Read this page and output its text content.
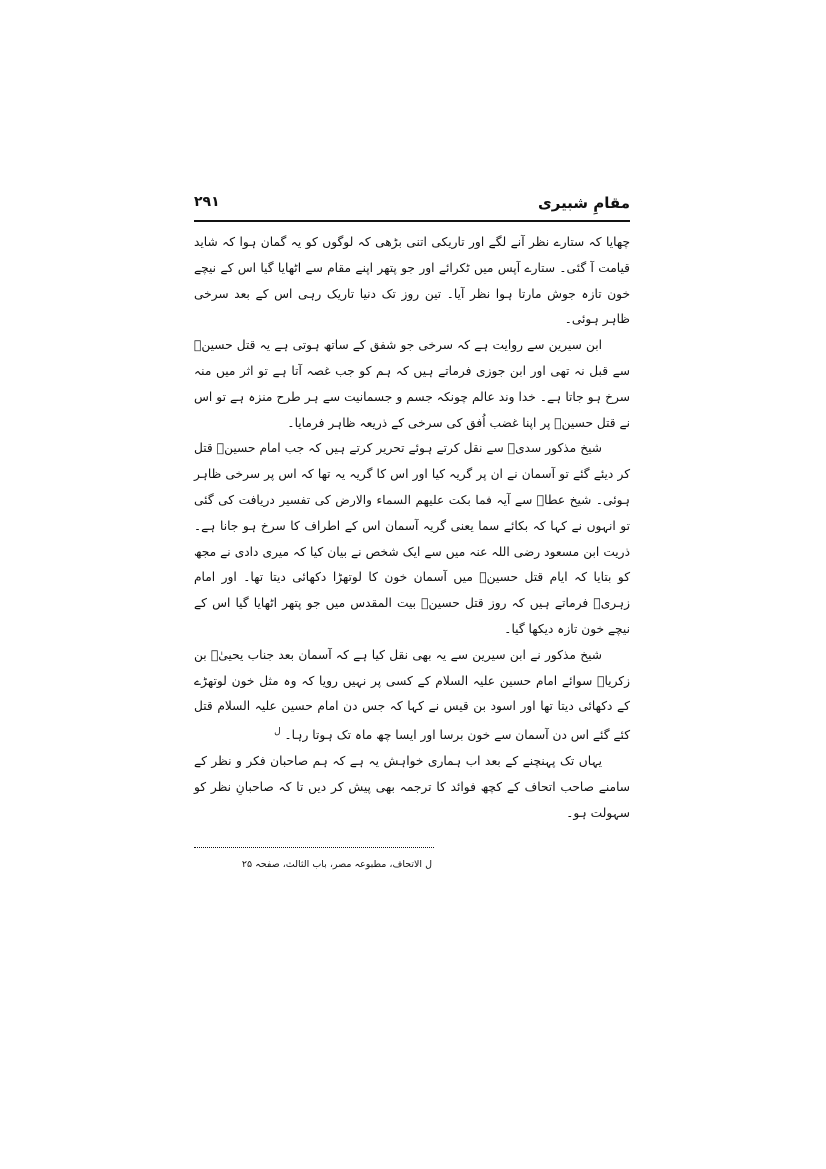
مقامِ شبیری
۲۹۱

چھایا کہ ستارے نظر آنے لگے اور تاریکی اتنی بڑھی کہ لوگوں کو یہ گمان ہوا کہ شاید قیامت آ گئی۔ ستارے آپس میں ٹکرائے اور جو پتھر اپنے مقام سے اٹھایا گیا اس کے نیچے خون تازہ جوش مارتا ہوا نظر آیا۔ تین روز تک دنیا تاریک رہی اس کے بعد سرخی ظاہر ہوئی۔

ابن سیرین سے روایت ہے کہ سرخی جو شفق کے ساتھ ہوتی ہے یہ قتل حسینؓ سے قبل نہ تھی اور ابن جوزی فرماتے ہیں کہ ہم کو جب غصہ آتا ہے تو اثر میں منہ سرخ ہو جاتا ہے۔ خدا وند عالم چونکہ جسم و جسمانیت سے ہر طرح منزہ ہے تو اس نے قتل حسینؓ پر اپنا غضب اُفق کی سرخی کے ذریعہ ظاہر فرمایا۔

شیخ مذکور سدیؔ سے نقل کرتے ہوئے تحریر کرتے ہیں کہ جب امام حسینؓ قتل کر دیئے گئے تو آسمان نے ان پر گریہ کیا اور اس کا گریہ یہ تھا کہ اس پر سرخی ظاہر ہوئی۔ شیخ عطاؔ سے آیہ فما بکت علیھم السماء والارض کی تفسیر دریافت کی گئی تو انہوں نے کہا کہ بکائے سما یعنی گریہ آسمان اس کے اطراف کا سرخ ہو جانا ہے۔ ذریت ابن مسعود رضی اللہ عنہ میں سے ایک شخص نے بیان کیا کہ میری دادی نے مجھ کو بتایا کہ ایام قتل حسینؓ میں آسمان خون کا لوتھڑا دکھائی دیتا تھا۔ اور امام زہریؔ فرماتے ہیں کہ روز قتل حسینؓ بیت المقدس میں جو پتھر اٹھایا گیا اس کے نیچے خون تازہ دیکھا گیا۔

شیخ مذکور نے ابن سیرین سے یہ بھی نقل کیا ہے کہ آسمان بعد جناب یحییٰؑ بن زکریاؑ سوائے امام حسین علیہ السلام کے کسی پر نہیں رویا کہ وہ مثل خون لوتھڑے کے دکھائی دیتا تھا اور اسود بن قیس نے کہا کہ جس دن امام حسین علیہ السلام قتل کئے گئے اس دن آسمان سے خون برسا اور ایسا چھ ماہ تک ہوتا رہا۔ $^ل$

یہاں تک پہنچنے کے بعد اب ہماری خواہش یہ ہے کہ ہم صاحبان فکر و نظر کے سامنے صاحب اتحاف کے کچھ فوائد کا ترجمہ بھی پیش کر دیں تا کہ صاحبانِ نظر کو سہولت ہو۔

ل الاتحاف، مطبوعہ مصر، باب الثالث، صفحہ ۲۵
